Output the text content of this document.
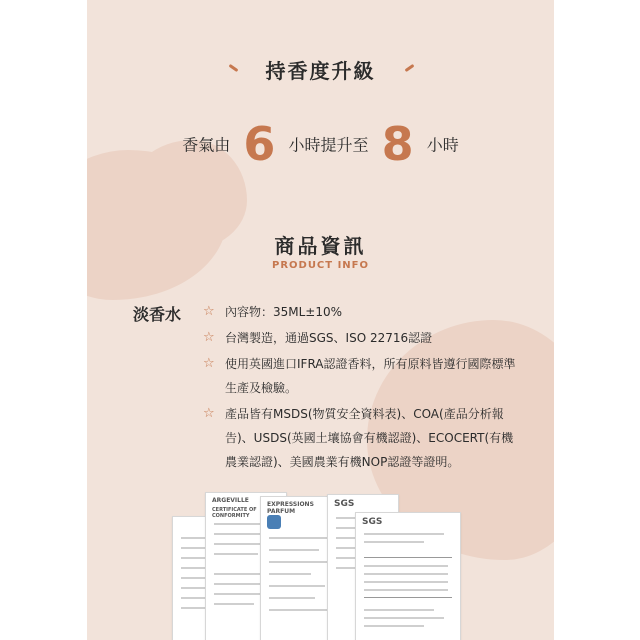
持香度升級
香氣由 6 小時提升至 8 小時
商品資訊
PRODUCT INFO
淡香水 ☆ 內容物：35ML±10%
☆ 台灣製造，通過SGS、ISO 22716認證
☆ 使用英國進口IFRA認證香料，所有原料皆遵行國際標準生產及檢驗。
☆ 產品皆有MSDS(物質安全資料表)、COA(產品分析報告)、USDS(英國土壤協會有機認證)、ECOCERT(有機農業認證)、美國農業有機NOP認證等證明。
ARGEVILLE
CERTIFICATE OF CONFORMITY
EXPRESSIONS PARFUM
SGS
SGS
